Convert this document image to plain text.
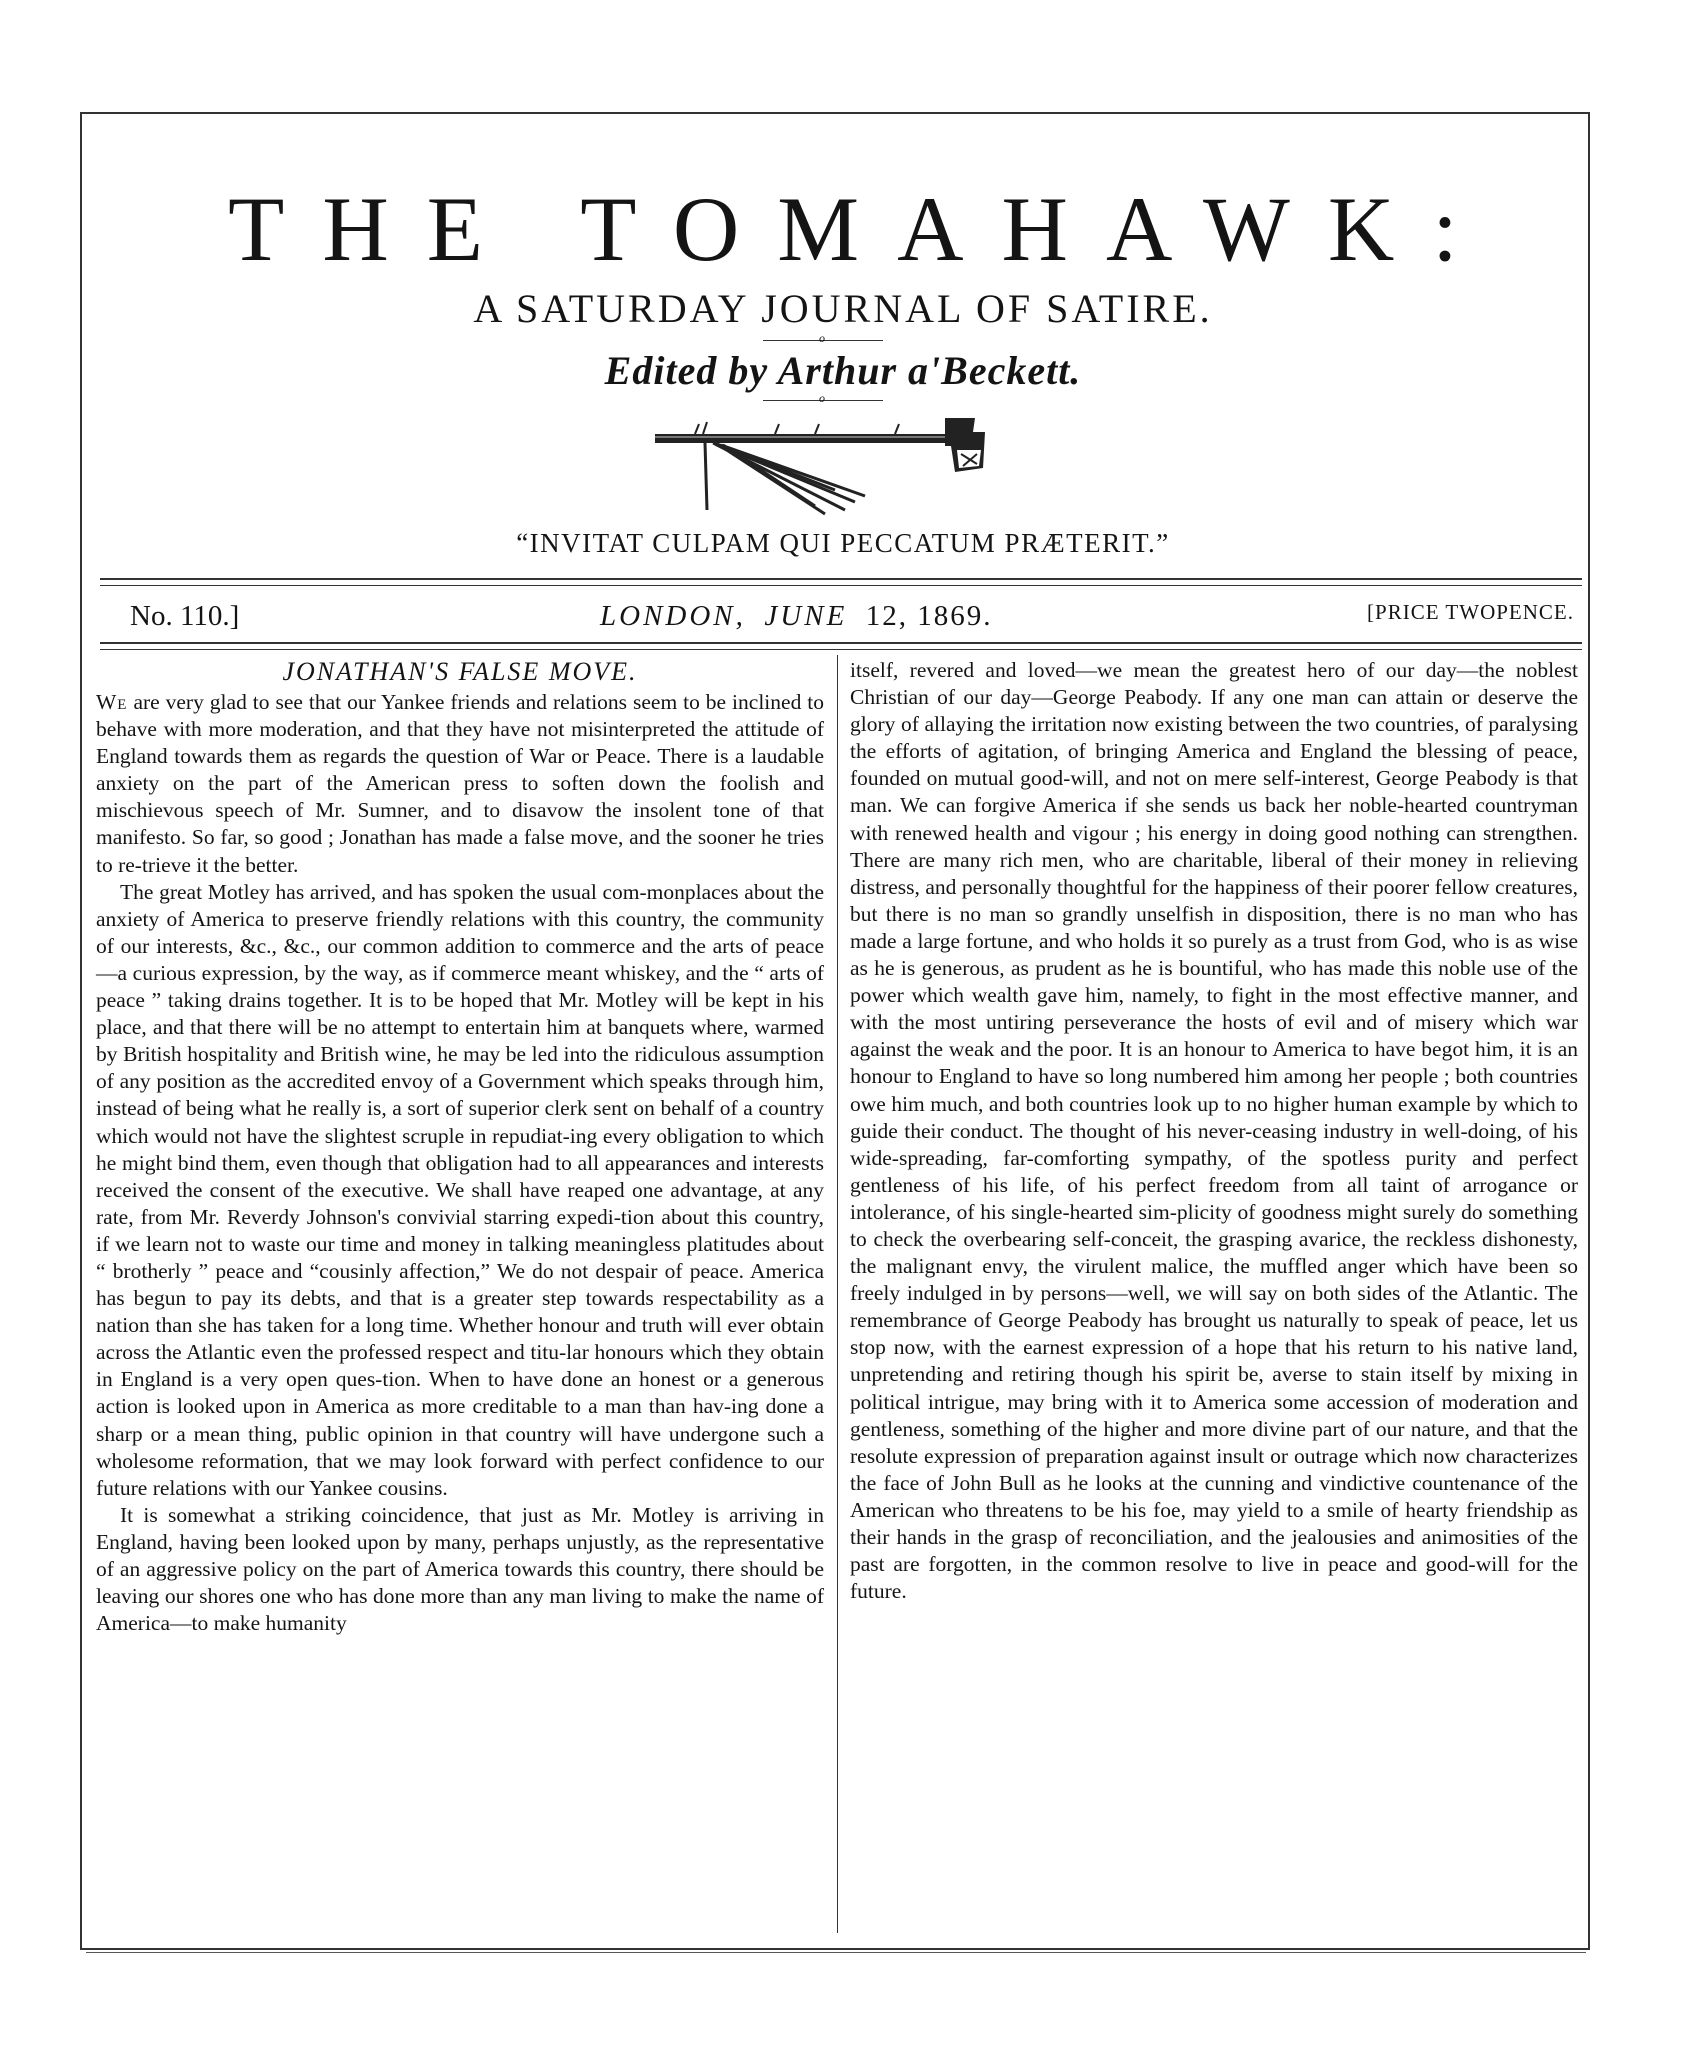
THE TOMAHAWK:

A SATURDAY JOURNAL OF SATIRE.

o

Edited by Arthur a'Beckett.

o

“INVITAT CULPAM QUI PECCATUM PRÆTERIT.”

No. 110.]	LONDON, JUNE 12, 1869.	[PRICE TWOPENCE.
JONATHAN'S FALSE MOVE.

We are very glad to see that our Yankee friends and relations seem to be inclined to behave with more moderation, and that they have not misinterpreted the attitude of England towards them as regards the question of War or Peace. There is a laudable anxiety on the part of the American press to soften down the foolish and mischievous speech of Mr. Sumner, and to disavow the insolent tone of that manifesto. So far, so good ; Jonathan has made a false move, and the sooner he tries to re-trieve it the better.

The great Motley has arrived, and has spoken the usual com-monplaces about the anxiety of America to preserve friendly relations with this country, the community of our interests, &c., &c., our common addition to commerce and the arts of peace—a curious expression, by the way, as if commerce meant whiskey, and the “ arts of peace ” taking drains together. It is to be hoped that Mr. Motley will be kept in his place, and that there will be no attempt to entertain him at banquets where, warmed by British hospitality and British wine, he may be led into the ridiculous assumption of any position as the accredited envoy of a Government which speaks through him, instead of being what he really is, a sort of superior clerk sent on behalf of a country which would not have the slightest scruple in repudiat-ing every obligation to which he might bind them, even though that obligation had to all appearances and interests received the consent of the executive. We shall have reaped one advantage, at any rate, from Mr. Reverdy Johnson's convivial starring expedi-tion about this country, if we learn not to waste our time and money in talking meaningless platitudes about “ brotherly ” peace and “cousinly affection,” We do not despair of peace. America has begun to pay its debts, and that is a greater step towards respectability as a nation than she has taken for a long time. Whether honour and truth will ever obtain across the Atlantic even the professed respect and titu-lar honours which they obtain in England is a very open ques-tion. When to have done an honest or a generous action is looked upon in America as more creditable to a man than hav-ing done a sharp or a mean thing, public opinion in that country will have undergone such a wholesome reformation, that we may look forward with perfect confidence to our future relations with our Yankee cousins.

It is somewhat a striking coincidence, that just as Mr. Motley is arriving in England, having been looked upon by many, perhaps unjustly, as the representative of an aggressive policy on the part of America towards this country, there should be leaving our shores one who has done more than any man living to make the name of America—to make humanity

itself, revered and loved—we mean the greatest hero of our day—the noblest Christian of our day—George Peabody. If any one man can attain or deserve the glory of allaying the irritation now existing between the two countries, of paralysing the efforts of agitation, of bringing America and England the blessing of peace, founded on mutual good-will, and not on mere self-interest, George Peabody is that man. We can forgive America if she sends us back her noble-hearted countryman with renewed health and vigour ; his energy in doing good nothing can strengthen. There are many rich men, who are charitable, liberal of their money in relieving distress, and personally thoughtful for the happiness of their poorer fellow creatures, but there is no man so grandly unselfish in disposition, there is no man who has made a large fortune, and who holds it so purely as a trust from God, who is as wise as he is generous, as prudent as he is bountiful, who has made this noble use of the power which wealth gave him, namely, to fight in the most effective manner, and with the most untiring perseverance the hosts of evil and of misery which war against the weak and the poor. It is an honour to America to have begot him, it is an honour to England to have so long numbered him among her people ; both countries owe him much, and both countries look up to no higher human example by which to guide their conduct. The thought of his never-ceasing industry in well-doing, of his wide-spreading, far-comforting sympathy, of the spotless purity and perfect gentleness of his life, of his perfect freedom from all taint of arrogance or intolerance, of his single-hearted sim-plicity of goodness might surely do something to check the overbearing self-conceit, the grasping avarice, the reckless dishonesty, the malignant envy, the virulent malice, the muffled anger which have been so freely indulged in by persons—well, we will say on both sides of the Atlantic. The remembrance of George Peabody has brought us naturally to speak of peace, let us stop now, with the earnest expression of a hope that his return to his native land, unpretending and retiring though his spirit be, averse to stain itself by mixing in political intrigue, may bring with it to America some accession of moderation and gentleness, something of the higher and more divine part of our nature, and that the resolute expression of preparation against insult or outrage which now characterizes the face of John Bull as he looks at the cunning and vindictive countenance of the American who threatens to be his foe, may yield to a smile of hearty friendship as their hands in the grasp of reconciliation, and the jealousies and animosities of the past are forgotten, in the common resolve to live in peace and good-will for the future.
